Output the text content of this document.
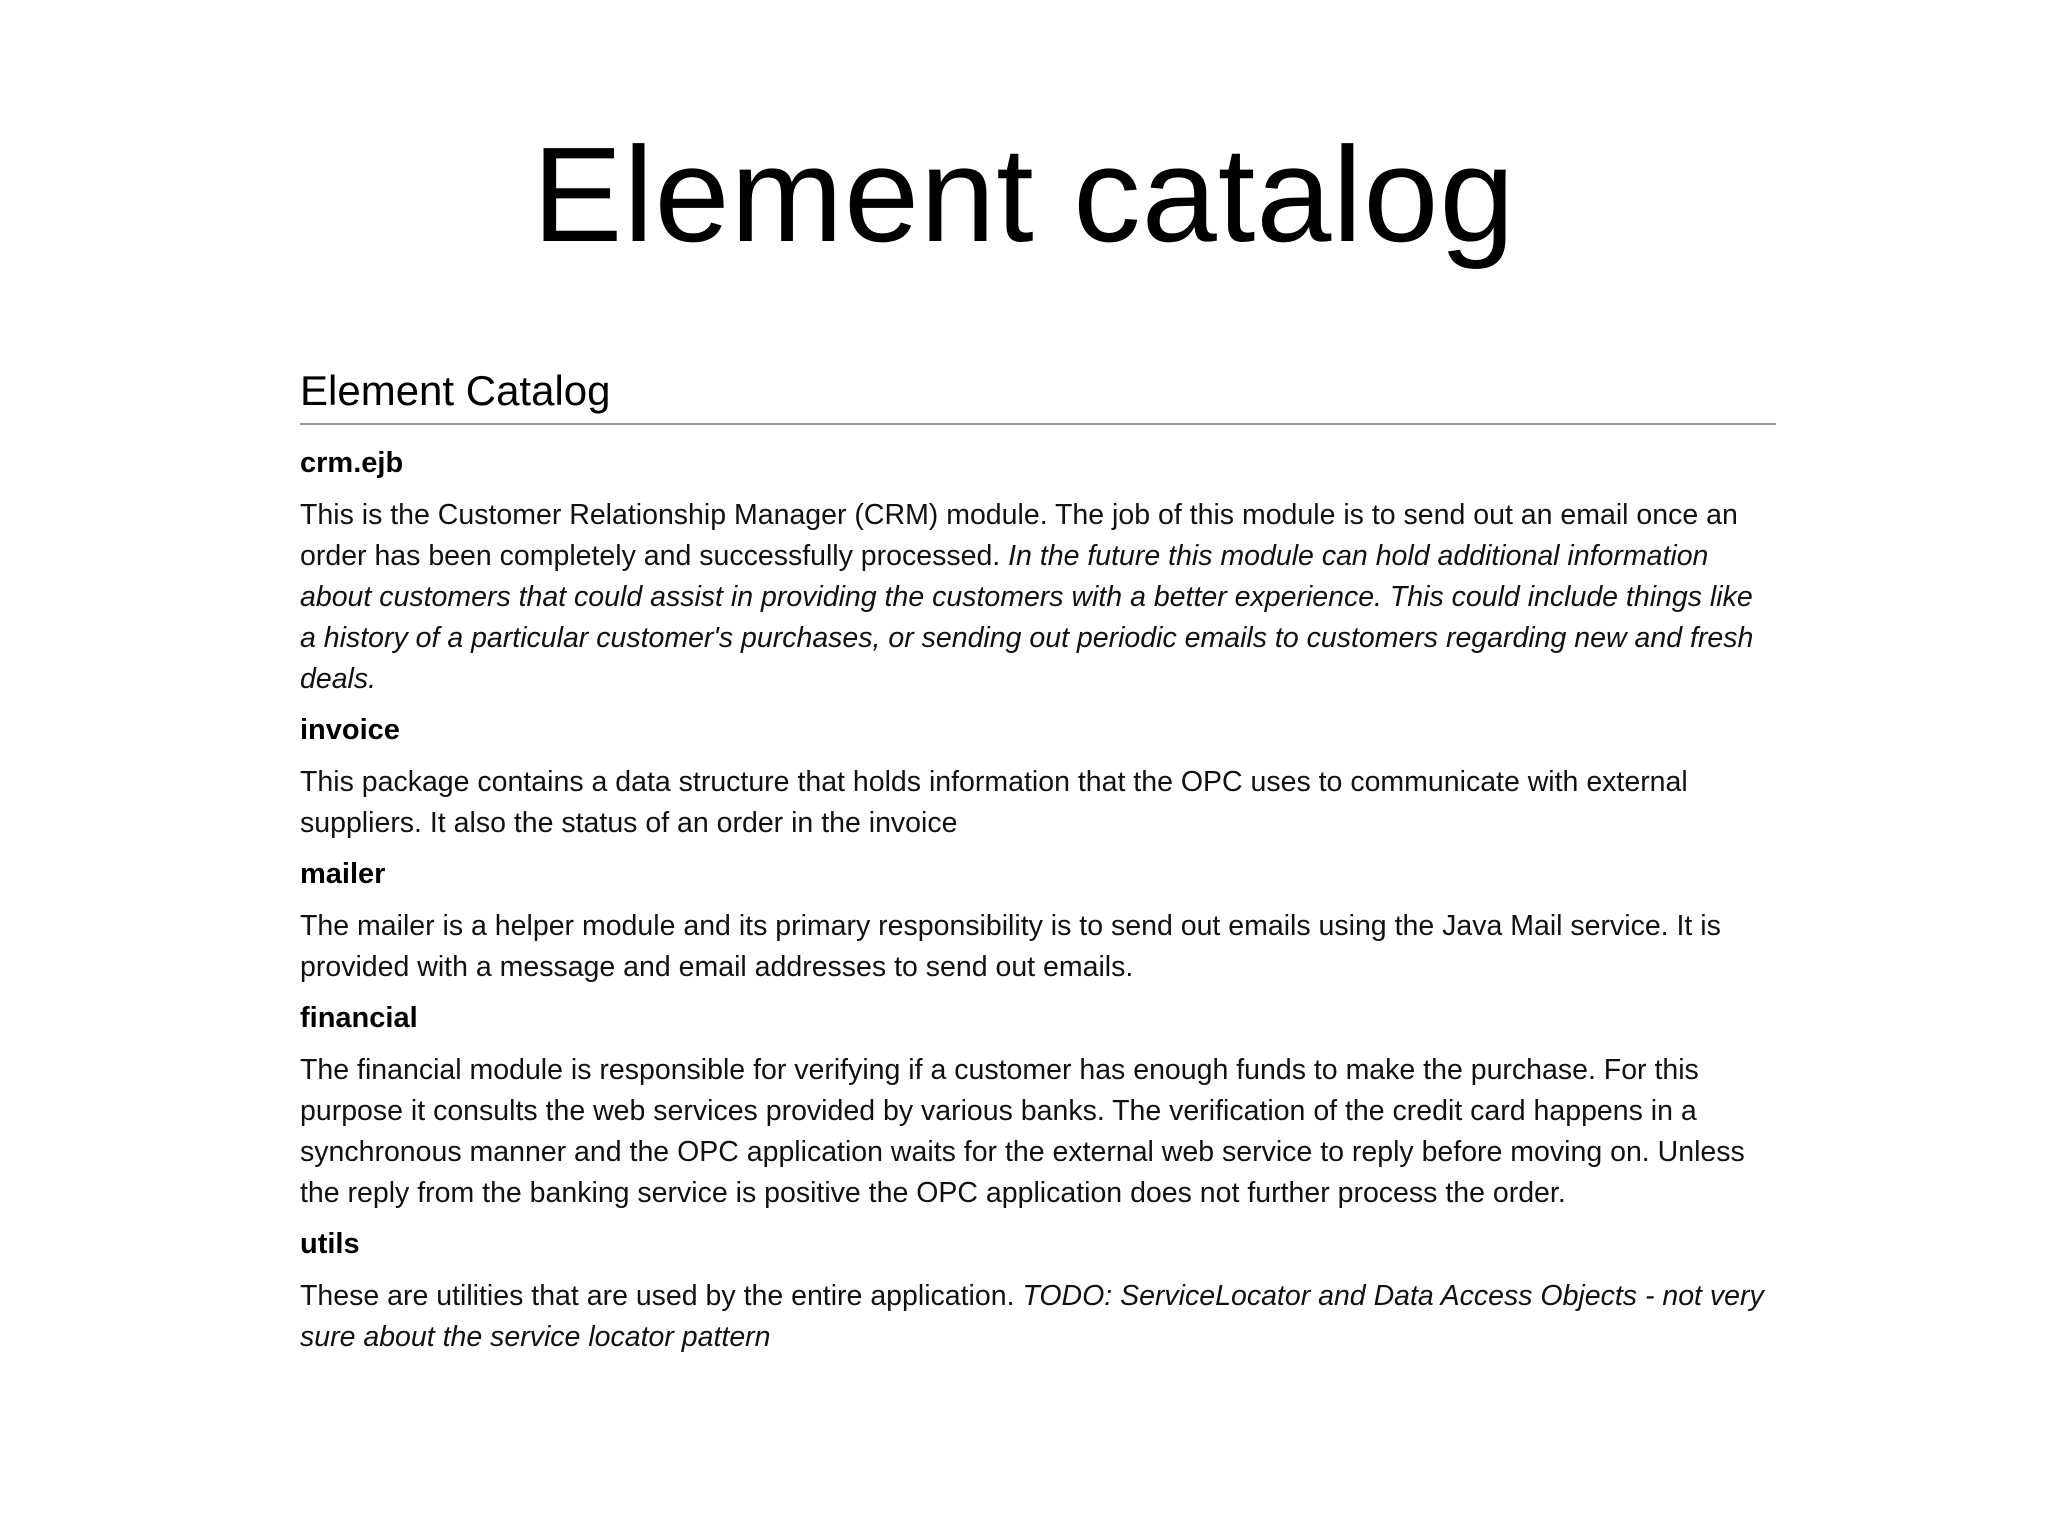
Element catalog
Element Catalog
crm.ejb

This is the Customer Relationship Manager (CRM) module. The job of this module is to send out an email once an order has been completely and successfully processed. In the future this module can hold additional information about customers that could assist in providing the customers with a better experience. This could include things like a history of a particular customer's purchases, or sending out periodic emails to customers regarding new and fresh deals.

invoice

This package contains a data structure that holds information that the OPC uses to communicate with external suppliers. It also the status of an order in the invoice

mailer

The mailer is a helper module and its primary responsibility is to send out emails using the Java Mail service. It is provided with a message and email addresses to send out emails.

financial

The financial module is responsible for verifying if a customer has enough funds to make the purchase. For this purpose it consults the web services provided by various banks. The verification of the credit card happens in a synchronous manner and the OPC application waits for the external web service to reply before moving on. Unless the reply from the banking service is positive the OPC application does not further process the order.

utils

These are utilities that are used by the entire application. TODO: ServiceLocator and Data Access Objects - not very sure about the service locator pattern
